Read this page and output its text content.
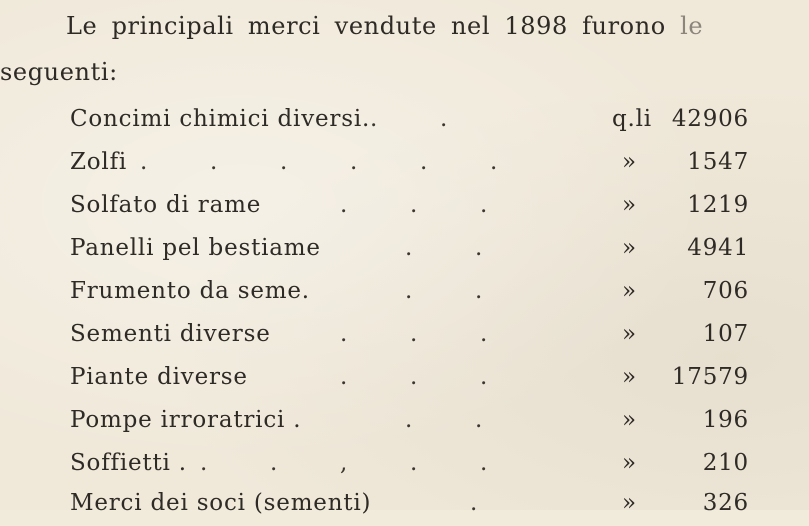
Le principali merci vendute nel 1898 furono le
seguenti:
Concimi chimici diversi. .	.	q.li 42906
Zolfi .	.	.	.	.	.	» 1547
Solfato di rame	.	.	.	» 1219
Panelli pel bestiame	.	.	» 4941
Frumento da seme.	.	.	»	706
Sementi diverse	.	.	.	»	107
Piante diverse	.	.	.	» 17579
Pompe irroratrici .	.	.	»	196
Soffietti . .	.	,	.	.	»	210
Merci dei soci (sementi)	.	»	326
